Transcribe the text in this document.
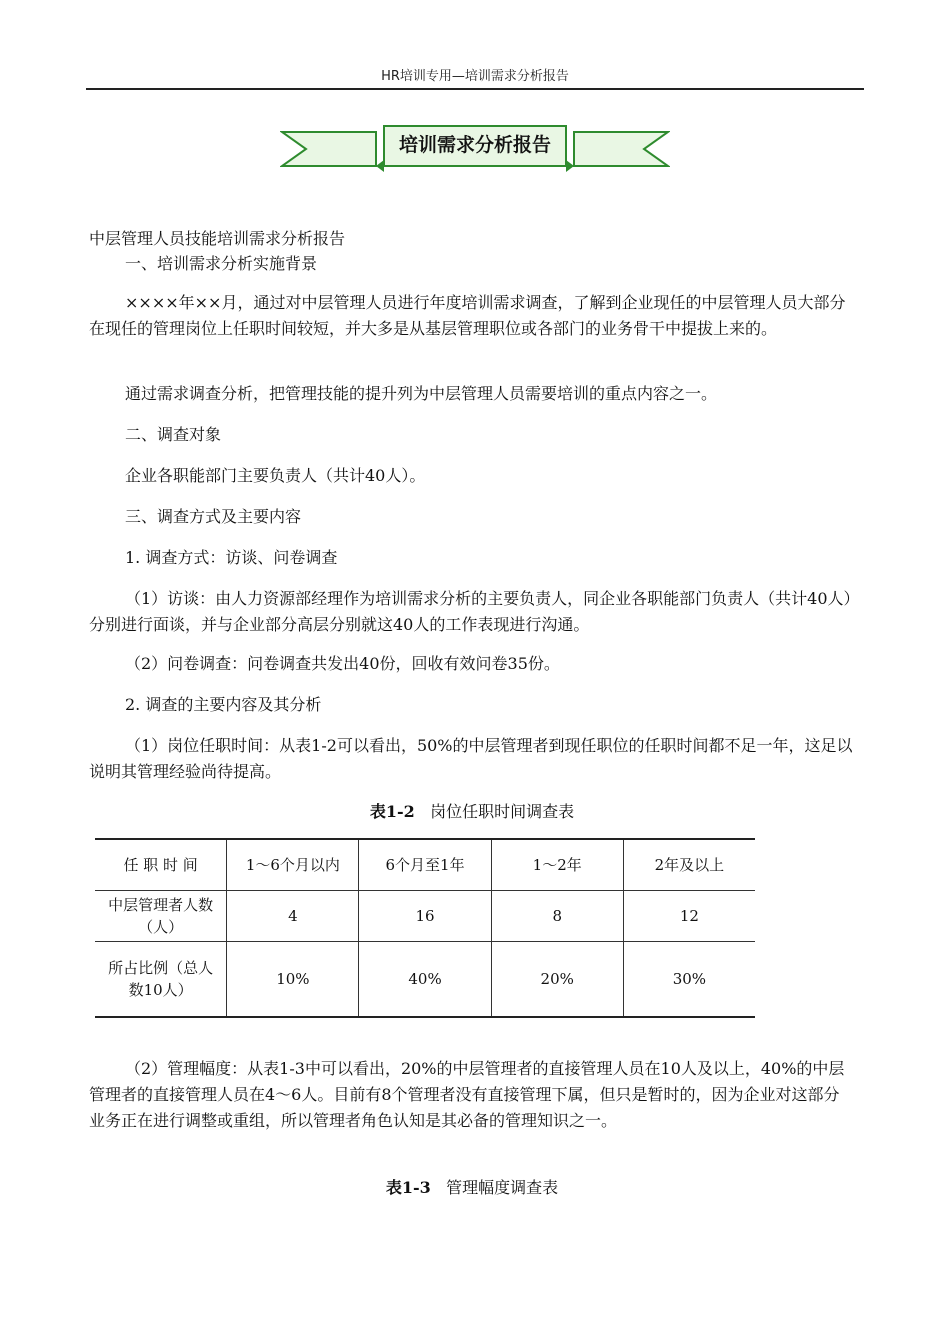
HR培训专用—培训需求分析报告
培训需求分析报告

中层管理人员技能培训需求分析报告

一、培训需求分析实施背景

××××年××月，通过对中层管理人员进行年度培训需求调查，了解到企业现任的中层管理人员大部分在现任的管理岗位上任职时间较短，并大多是从基层管理职位或各部门的业务骨干中提拔上来的。

通过需求调查分析，把管理技能的提升列为中层管理人员需要培训的重点内容之一。

二、调查对象

企业各职能部门主要负责人（共计40人）。

三、调查方式及主要内容

1. 调查方式：访谈、问卷调查

（1）访谈：由人力资源部经理作为培训需求分析的主要负责人，同企业各职能部门负责人（共计40人）分别进行面谈，并与企业部分高层分别就这40人的工作表现进行沟通。

（2）问卷调查：问卷调查共发出40份，回收有效问卷35份。

2. 调查的主要内容及其分析

（1）岗位任职时间：从表1-2可以看出，50%的中层管理者到现任职位的任职时间都不足一年，这足以说明其管理经验尚待提高。

表1-2 岗位任职时间调查表
任 职 时 间	1～6个月以内	6个月至1年	1～2年	2年及以上
中层管理者人数（人）	4	16	8	12
所占比例（总人数10人）	10%	40%	20%	30%

（2）管理幅度：从表1-3中可以看出，20%的中层管理者的直接管理人员在10人及以上，40%的中层管理者的直接管理人员在4～6人。目前有8个管理者没有直接管理下属，但只是暂时的，因为企业对这部分业务正在进行调整或重组，所以管理者角色认知是其必备的管理知识之一。

表1-3 管理幅度调查表
